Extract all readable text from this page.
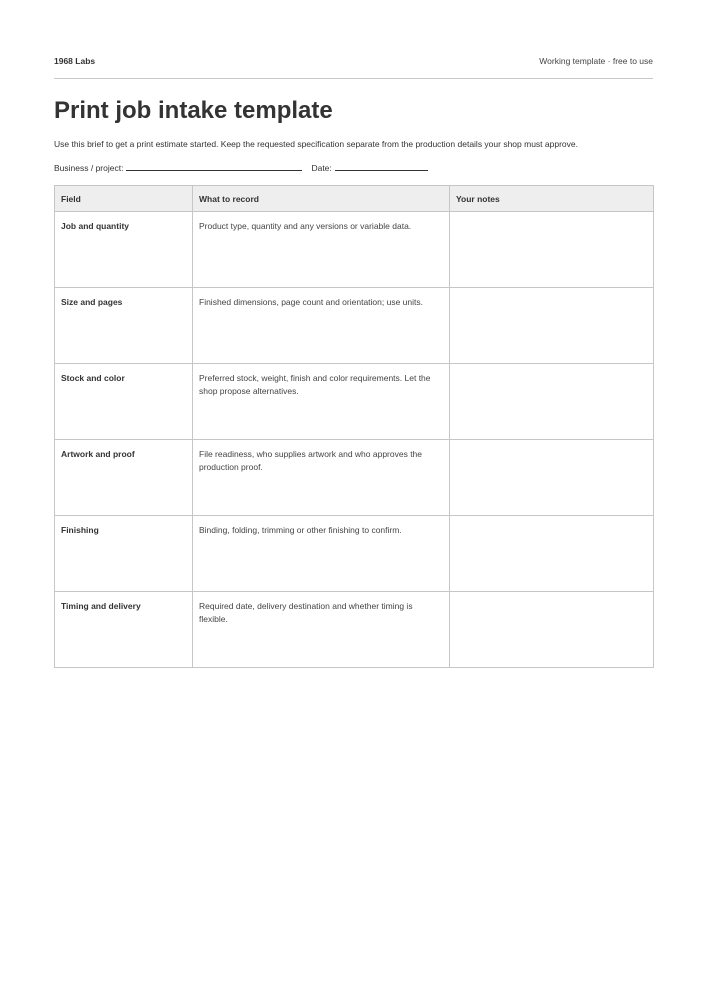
1968 Labs	Working template · free to use
Print job intake template

Use this brief to get a print estimate started. Keep the requested specification separate from the production details your shop must approve.

Business / project:	Date:
Field	What to record	Your notes
Job and quantity	Product type, quantity and any versions or variable data.	
Size and pages	Finished dimensions, page count and orientation; use units.	
Stock and color	Preferred stock, weight, finish and color requirements. Let the shop propose alternatives.	
Artwork and proof	File readiness, who supplies artwork and who approves the production proof.	
Finishing	Binding, folding, trimming or other finishing to confirm.	
Timing and delivery	Required date, delivery destination and whether timing is flexible.	
